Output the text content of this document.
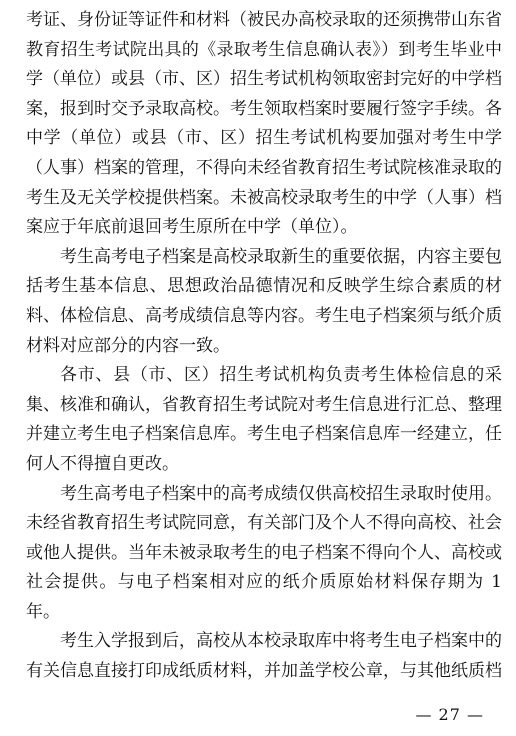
考证、身份证等证件和材料（被民办高校录取的还须携带山东省教育招生考试院出具的《录取考生信息确认表》）到考生毕业中学（单位）或县（市、区）招生考试机构领取密封完好的中学档案，报到时交予录取高校。考生领取档案时要履行签字手续。各中学（单位）或县（市、区）招生考试机构要加强对考生中学（人事）档案的管理，不得向未经省教育招生考试院核准录取的考生及无关学校提供档案。未被高校录取考生的中学（人事）档案应于年底前退回考生原所在中学（单位）。

考生高考电子档案是高校录取新生的重要依据，内容主要包括考生基本信息、思想政治品德情况和反映学生综合素质的材料、体检信息、高考成绩信息等内容。考生电子档案须与纸介质材料对应部分的内容一致。

各市、县（市、区）招生考试机构负责考生体检信息的采集、核准和确认，省教育招生考试院对考生信息进行汇总、整理并建立考生电子档案信息库。考生电子档案信息库一经建立，任何人不得擅自更改。

考生高考电子档案中的高考成绩仅供高校招生录取时使用。未经省教育招生考试院同意，有关部门及个人不得向高校、社会或他人提供。当年未被录取考生的电子档案不得向个人、高校或社会提供。与电子档案相对应的纸介质原始材料保存期为 1 年。

考生入学报到后，高校从本校录取库中将考生电子档案中的有关信息直接打印成纸质材料，并加盖学校公章，与其他纸质档

— 27 —
